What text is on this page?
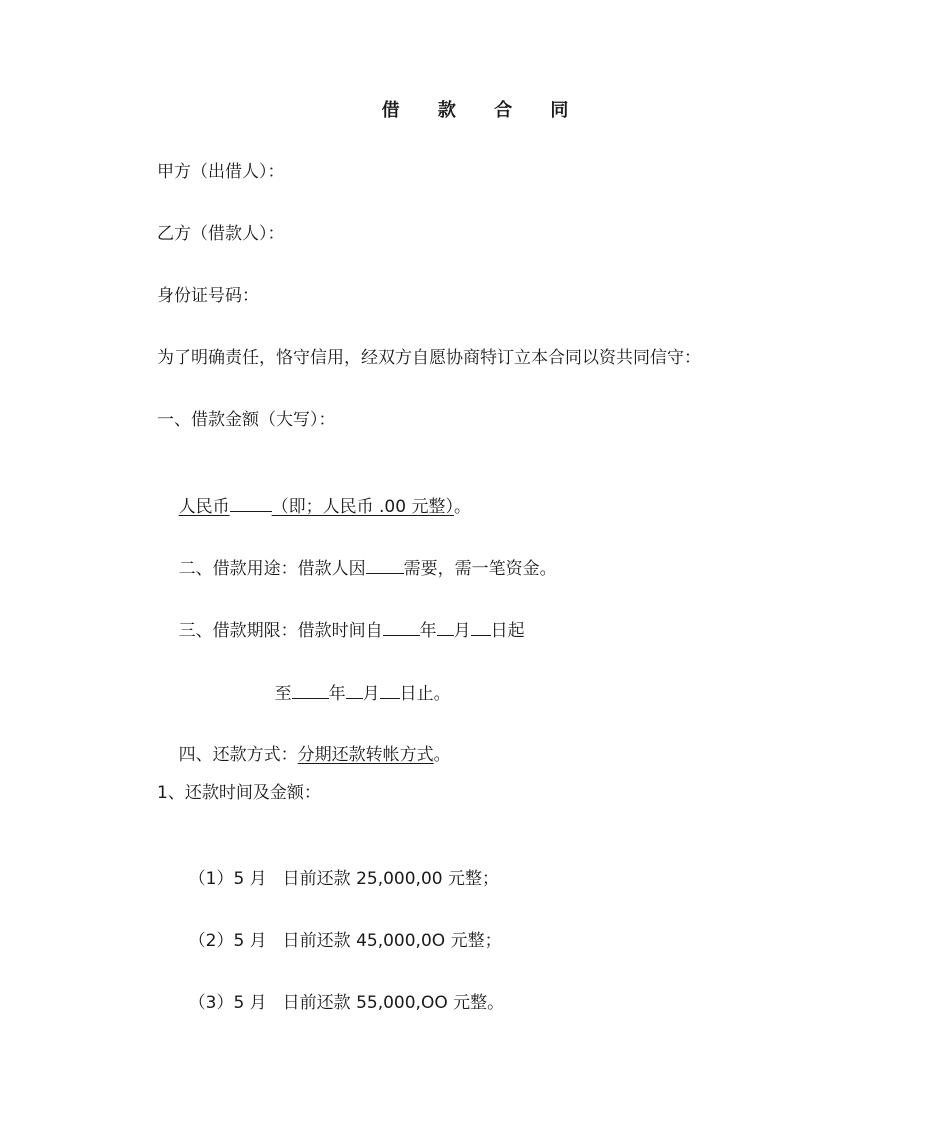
借 款 合 同
甲方（出借人）：
乙方（借款人）：
身份证号码：
为了明确责任，恪守信用，经双方自愿协商特订立本合同以资共同信守：
一、借款金额（大写）：

人民币 （即；人民币 .00 元整）。

二、借款用途：借款人因 需要，需一笔资金。

三、借款期限：借款时间自 年 月 日起

至 年 月 日止。

四、还款方式：分期还款转帐方式。

1、还款时间及金额：

（1）5 月 日前还款 25,000,00 元整；

（2）5 月 日前还款 45,000,0O 元整；

（3）5 月 日前还款 55,000,OO 元整。
